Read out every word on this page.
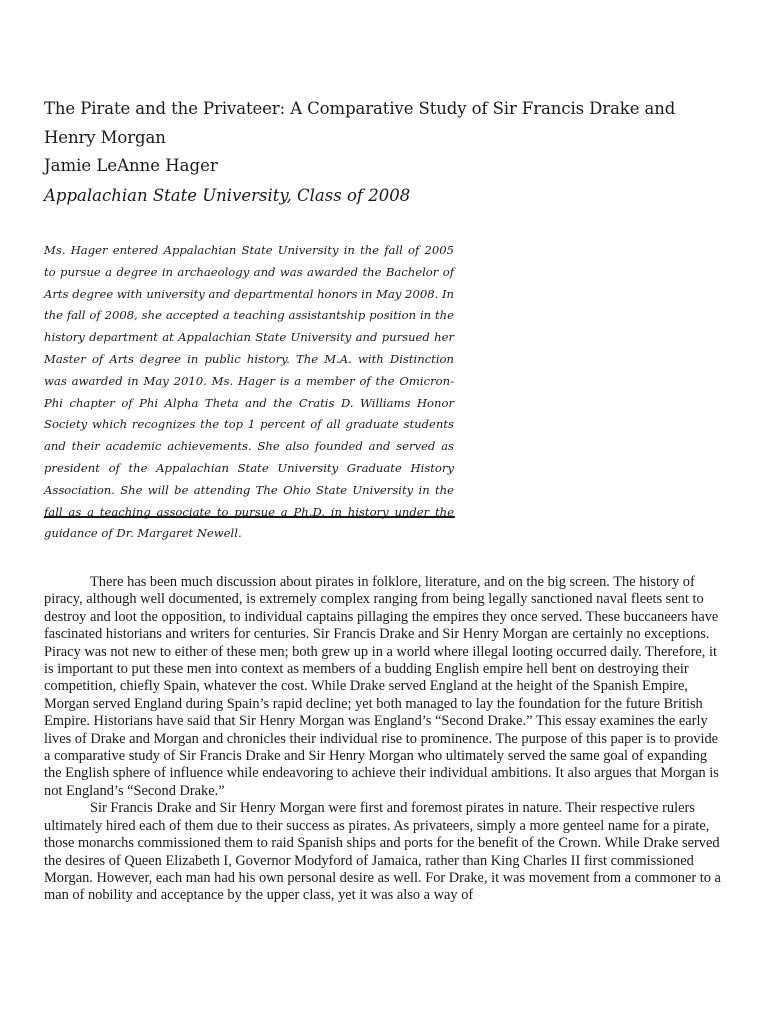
The Pirate and the Privateer: A Comparative Study of Sir Francis Drake and Henry Morgan
Jamie LeAnne Hager
Appalachian State University, Class of 2008

Ms. Hager entered Appalachian State University in the fall of 2005 to pursue a degree in archaeology and was awarded the Bachelor of Arts degree with university and departmental honors in May 2008. In the fall of 2008, she accepted a teaching assistantship position in the history department at Appalachian State University and pursued her Master of Arts degree in public history. The M.A. with Distinction was awarded in May 2010. Ms. Hager is a member of the Omicron-Phi chapter of Phi Alpha Theta and the Cratis D. Williams Honor Society which recognizes the top 1 percent of all graduate students and their academic achievements. She also founded and served as president of the Appalachian State University Graduate History Association. She will be attending The Ohio State University in the fall as a teaching associate to pursue a Ph.D. in history under the guidance of Dr. Margaret Newell.

There has been much discussion about pirates in folklore, literature, and on the big screen. The history of piracy, although well documented, is extremely complex ranging from being legally sanctioned naval fleets sent to destroy and loot the opposition, to individual captains pillaging the empires they once served. These buccaneers have fascinated historians and writers for centuries. Sir Francis Drake and Sir Henry Morgan are certainly no exceptions. Piracy was not new to either of these men; both grew up in a world where illegal looting occurred daily. Therefore, it is important to put these men into context as members of a budding English empire hell bent on destroying their competition, chiefly Spain, whatever the cost. While Drake served England at the height of the Spanish Empire, Morgan served England during Spain’s rapid decline; yet both managed to lay the foundation for the future British Empire. Historians have said that Sir Henry Morgan was England’s “Second Drake.” This essay examines the early lives of Drake and Morgan and chronicles their individual rise to prominence. The purpose of this paper is to provide a comparative study of Sir Francis Drake and Sir Henry Morgan who ultimately served the same goal of expanding the English sphere of influence while endeavoring to achieve their individual ambitions. It also argues that Morgan is not England’s “Second Drake.”

Sir Francis Drake and Sir Henry Morgan were first and foremost pirates in nature. Their respective rulers ultimately hired each of them due to their success as pirates. As privateers, simply a more genteel name for a pirate, those monarchs commissioned them to raid Spanish ships and ports for the benefit of the Crown. While Drake served the desires of Queen Elizabeth I, Governor Modyford of Jamaica, rather than King Charles II first commissioned Morgan. However, each man had his own personal desire as well. For Drake, it was movement from a commoner to a man of nobility and acceptance by the upper class, yet it was also a way of
